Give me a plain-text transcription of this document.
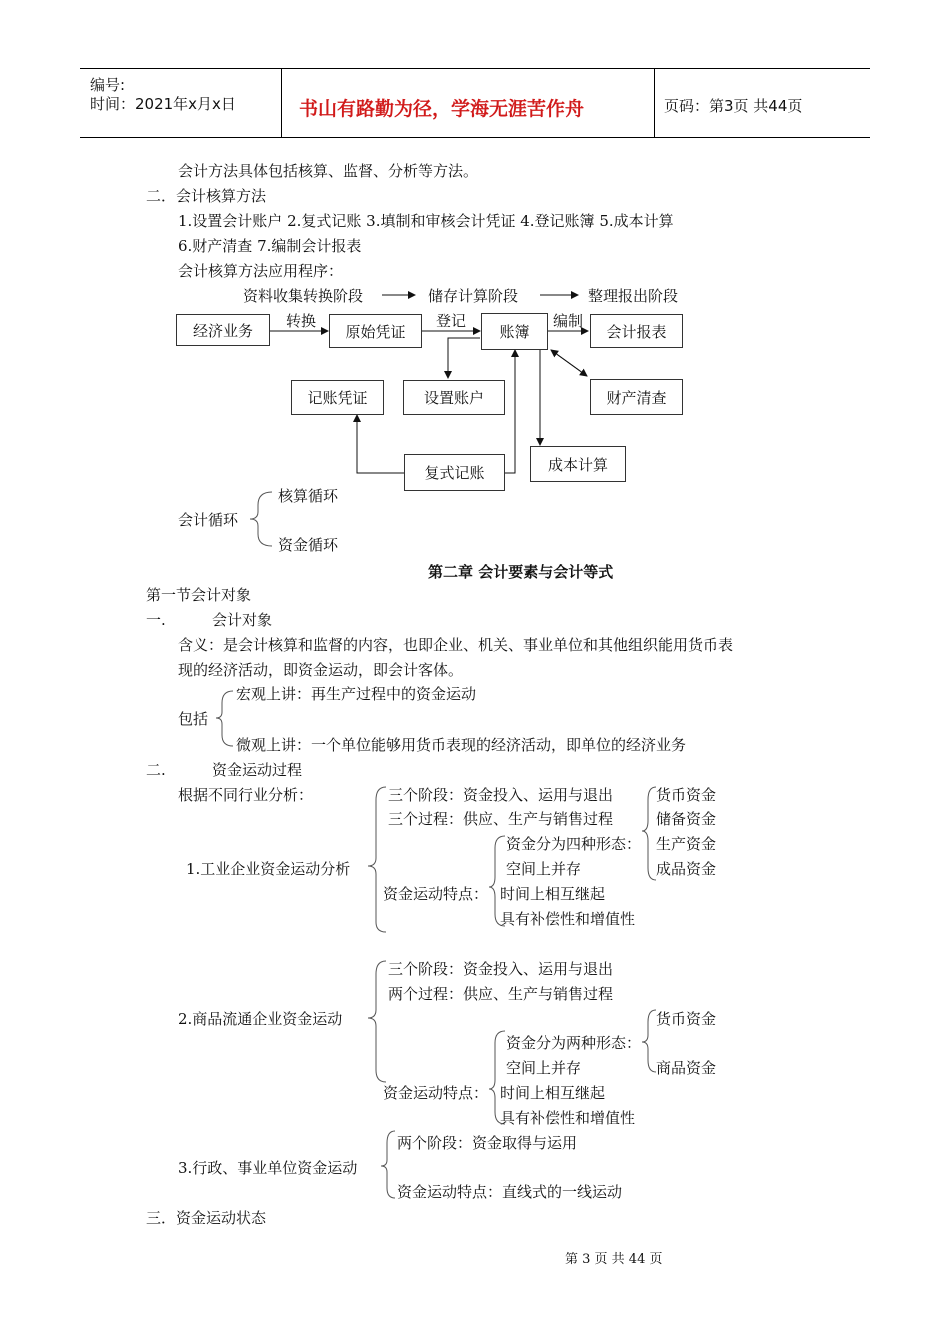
编号:
时间：2021年x月x日	书山有路勤为径，学海无涯苦作舟	页码：第3页 共44页
会计方法具体包括核算、监督、分析等方法。
二．会计核算方法
1.设置会计账户 2.复式记账 3.填制和审核会计凭证 4.登记账簿 5.成本计算
6.财产清查 7.编制会计报表
会计核算方法应用程序：
资料收集转换阶段	储存计算阶段	整理报出阶段
经济业务
转换
原始凭证
登记
账簿
编制
会计报表
记账凭证	设置账户	财产清查
复式记账	成本计算
会计循环
核算循环
资金循环
第二章 会计要素与会计等式
第一节会计对象
一.	会计对象
含义：是会计核算和监督的内容，也即企业、机关、事业单位和其他组织能用货币表
现的经济活动，即资金运动，即会计客体。
包括
宏观上讲：再生产过程中的资金运动
微观上讲：一个单位能够用货币表现的经济活动，即单位的经济业务
二.	资金运动过程
根据不同行业分析：
1.工业企业资金运动分析
三个阶段：资金投入、运用与退出
三个过程：供应、生产与销售过程
资金运动特点：
资金分为四种形态：
空间上并存
时间上相互继起
具有补偿性和增值性
货币资金
储备资金
生产资金
成品资金
2.商品流通企业资金运动
三个阶段：资金投入、运用与退出
两个过程：供应、生产与销售过程
资金运动特点：
资金分为两种形态：
空间上并存
时间上相互继起
具有补偿性和增值性
货币资金
商品资金
3.行政、事业单位资金运动
两个阶段：资金取得与运用
资金运动特点：直线式的一线运动
三．资金运动状态
第 3 页 共 44 页
